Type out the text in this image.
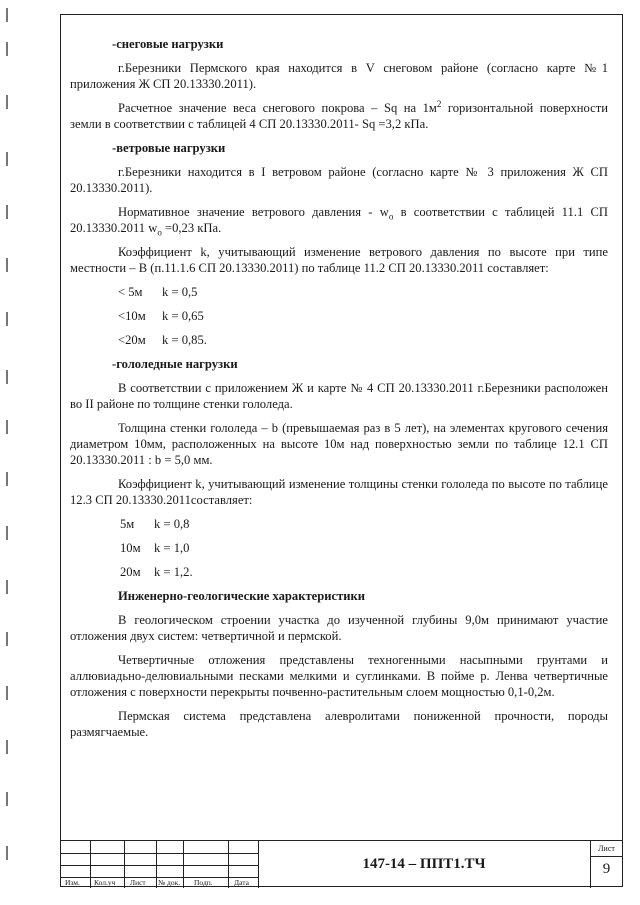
-снеговые нагрузки
г.Березники Пермского края находится в V снеговом районе (согласно карте №1 приложения Ж СП 20.13330.2011).
Расчетное значение веса снегового покрова – Sq на $1м^2$ горизонтальной поверхности земли в соответствии с таблицей 4 СП 20.13330.2011- Sq =3,2 кПа.
-ветровые нагрузки
г.Березники находится в I ветровом районе (согласно карте № 3 приложения Ж СП 20.13330.2011).
Нормативное значение ветрового давления - $w_o$ в соответствии с таблицей 11.1 СП 20.13330.2011 $w_o =0,23$ кПа.
Коэффициент k, учитывающий изменение ветрового давления по высоте при типе местности – В (п.11.1.6 СП 20.13330.2011) по таблице 11.2 СП 20.13330.2011 составляет:
< 5м k = 0,5
<10м k = 0,65
<20м k = 0,85.
-гололедные нагрузки
В соответствии с приложением Ж и карте № 4 СП 20.13330.2011 г.Березники расположен во II районе по толщине стенки гололеда.
Толщина стенки гололеда – b (превышаемая раз в 5 лет), на элементах кругового сечения диаметром 10мм, расположенных на высоте 10м над поверхностью земли по таблице 12.1 СП 20.13330.2011 : b = 5,0 мм.
Коэффициент k, учитывающий изменение толщины стенки гололеда по высоте по таблице 12.3 СП 20.13330.2011составляет:
5м k = 0,8
10м k = 1,0
20м k = 1,2.
Инженерно-геологические характеристики
В геологическом строении участка до изученной глубины 9,0м принимают участие отложения двух систем: четвертичной и пермской.
Четвертичные отложения представлены техногенными насыпными грунтами и аллювиадьно-делювиальными песками мелкими и суглинками. В пойме р. Ленва четвертичные отложения с поверхности перекрыты почвенно-растительным слоем мощностью 0,1-0,2м.
Пермская система представлена алевролитами пониженной прочности, породы размягчаемые.
Изм. Кол.уч Лист № док. Подп.	Дата
147-14 – ППТ1.ТЧ
Лист
9
